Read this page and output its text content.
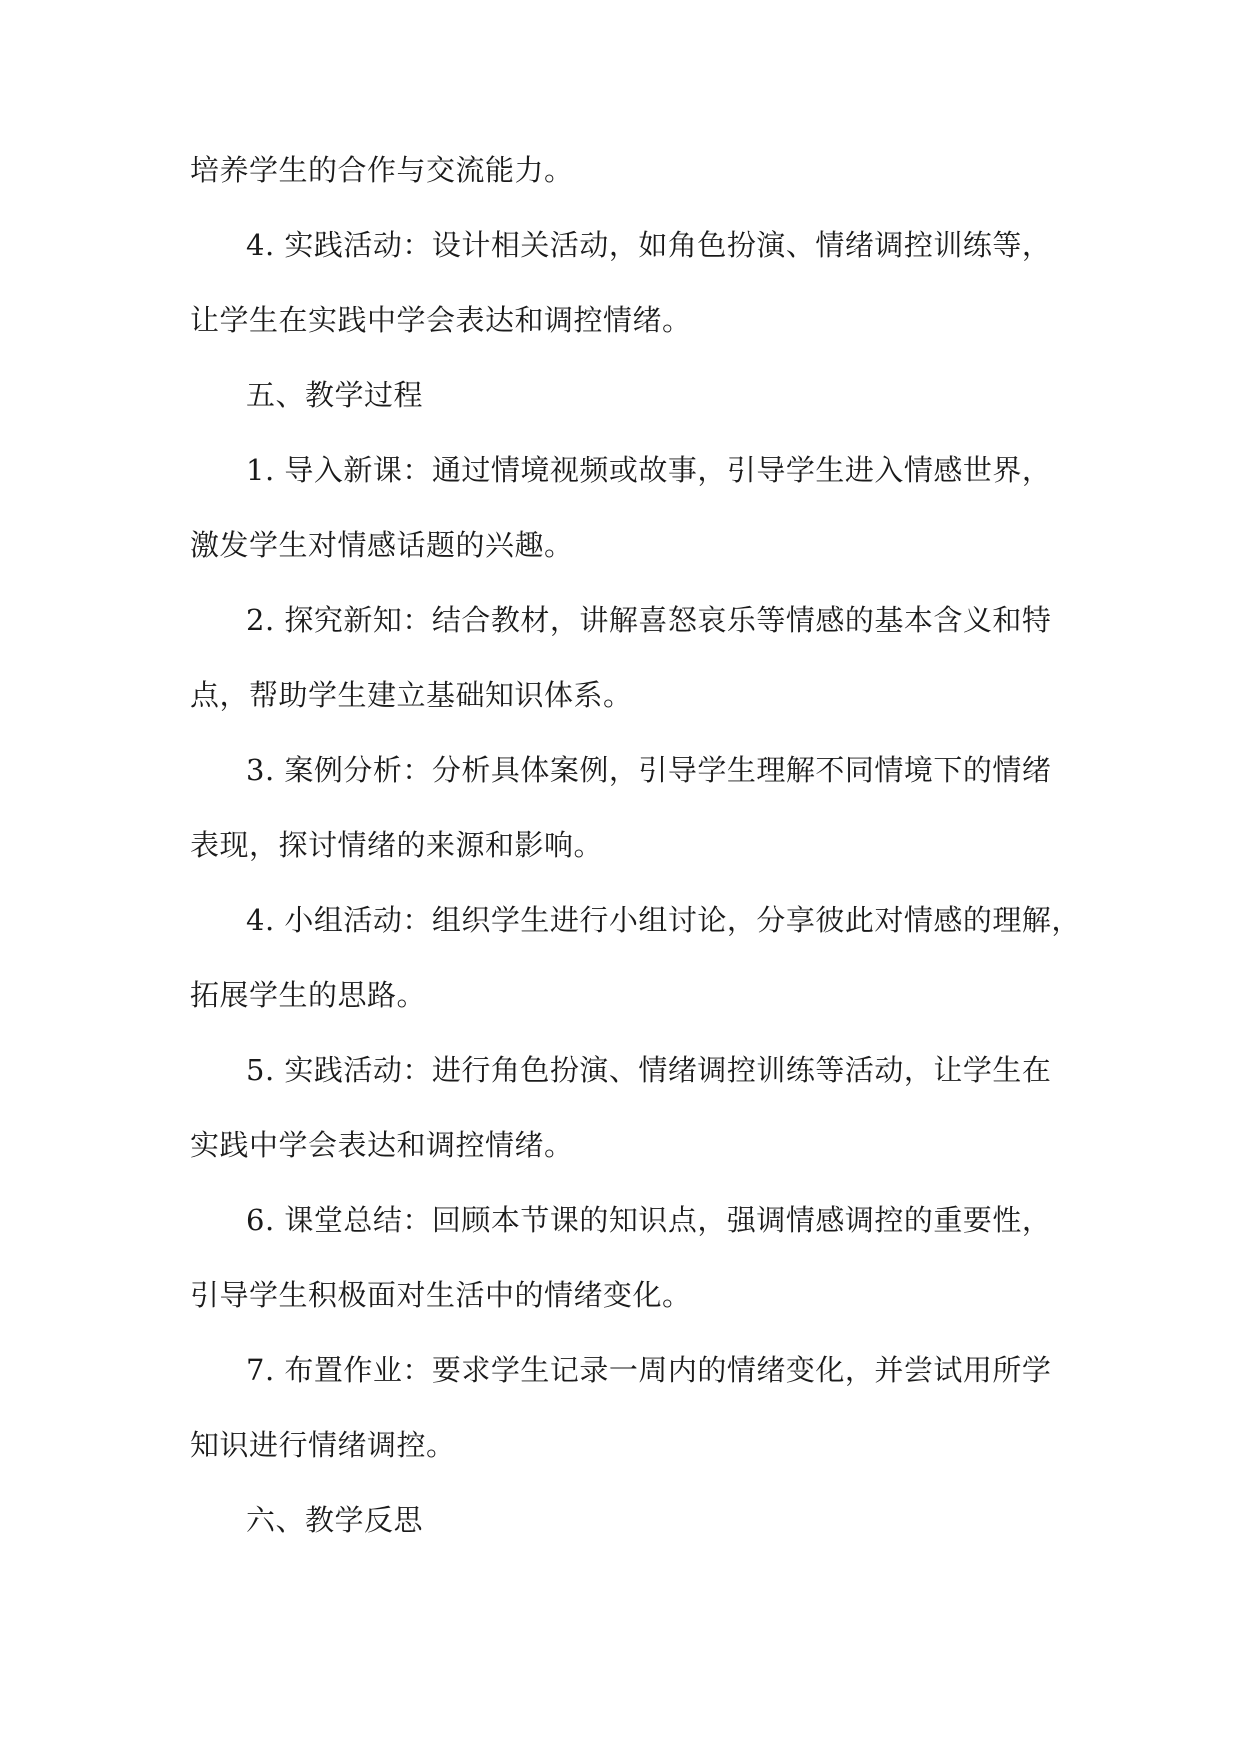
培养学生的合作与交流能力。
4. 实践活动：设计相关活动，如角色扮演、情绪调控训练等，
让学生在实践中学会表达和调控情绪。
五、教学过程
1. 导入新课：通过情境视频或故事，引导学生进入情感世界，
激发学生对情感话题的兴趣。
2. 探究新知：结合教材，讲解喜怒哀乐等情感的基本含义和特
点，帮助学生建立基础知识体系。
3. 案例分析：分析具体案例，引导学生理解不同情境下的情绪
表现，探讨情绪的来源和影响。
4. 小组活动：组织学生进行小组讨论，分享彼此对情感的理解，
拓展学生的思路。
5. 实践活动：进行角色扮演、情绪调控训练等活动，让学生在
实践中学会表达和调控情绪。
6. 课堂总结：回顾本节课的知识点，强调情感调控的重要性，
引导学生积极面对生活中的情绪变化。
7. 布置作业：要求学生记录一周内的情绪变化，并尝试用所学
知识进行情绪调控。
六、教学反思
